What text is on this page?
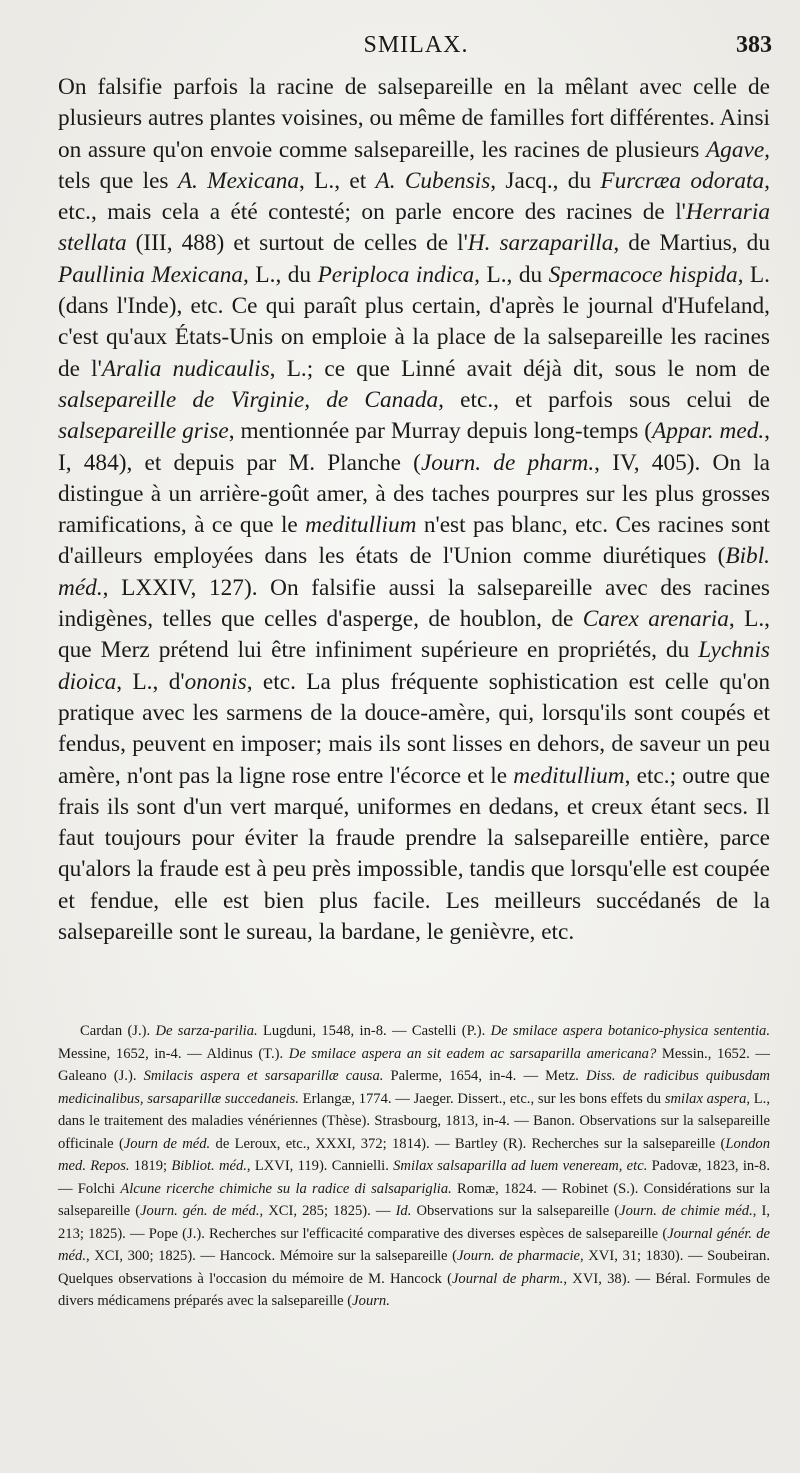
SMILAX.	383

On falsifie parfois la racine de salsepareille en la mêlant avec celle de plusieurs autres plantes voisines, ou même de familles fort différentes. Ainsi on assure qu'on envoie comme salsepareille, les racines de plusieurs Agave, tels que les A. Mexicana, L., et A. Cubensis, Jacq., du Furcræa odorata, etc., mais cela a été contesté; on parle encore des racines de l'Herraria stellata (III, 488) et surtout de celles de l'H. sarzaparilla, de Martius, du Paullinia Mexicana, L., du Periploca indica, L., du Spermacoce hispida, L. (dans l'Inde), etc. Ce qui paraît plus certain, d'après le journal d'Hufeland, c'est qu'aux États-Unis on emploie à la place de la salsepareille les racines de l'Aralia nudicaulis, L.; ce que Linné avait déjà dit, sous le nom de salsepareille de Virginie, de Canada, etc., et parfois sous celui de salsepareille grise, mentionnée par Murray depuis long-temps (Appar. med., I, 484), et depuis par M. Planche (Journ. de pharm., IV, 405). On la distingue à un arrière-goût amer, à des taches pourpres sur les plus grosses ramifications, à ce que le meditullium n'est pas blanc, etc. Ces racines sont d'ailleurs employées dans les états de l'Union comme diurétiques (Bibl. méd., LXXIV, 127). On falsifie aussi la salsepareille avec des racines indigènes, telles que celles d'asperge, de houblon, de Carex arenaria, L., que Merz prétend lui être infiniment supérieure en propriétés, du Lychnis dioica, L., d'ononis, etc. La plus fréquente sophistication est celle qu'on pratique avec les sarmens de la douce-amère, qui, lorsqu'ils sont coupés et fendus, peuvent en imposer; mais ils sont lisses en dehors, de saveur un peu amère, n'ont pas la ligne rose entre l'écorce et le meditullium, etc.; outre que frais ils sont d'un vert marqué, uniformes en dedans, et creux étant secs. Il faut toujours pour éviter la fraude prendre la salsepareille entière, parce qu'alors la fraude est à peu près impossible, tandis que lorsqu'elle est coupée et fendue, elle est bien plus facile. Les meilleurs succédanés de la salsepareille sont le sureau, la bardane, le genièvre, etc.

Cardan (J.). De sarza-parilia. Lugduni, 1548, in-8. — Castelli (P.). De smilace aspera botanico-physica sententia. Messine, 1652, in-4. — Aldinus (T.). De smilace aspera an sit eadem ac sarsaparilla americana? Messin., 1652. — Galeano (J.). Smilacis aspera et sarsaparillæ causa. Palerme, 1654, in-4. — Metz. Diss. de radicibus quibusdam medicinalibus, sarsaparillæ succedaneis. Erlangæ, 1774. — Jaeger. Dissert., etc., sur les bons effets du smilax aspera, L., dans le traitement des maladies vénériennes (Thèse). Strasbourg, 1813, in-4. — Banon. Observations sur la salsepareille officinale (Journ de méd. de Leroux, etc., XXXI, 372; 1814). — Bartley (R). Recherches sur la salsepareille (London med. Repos. 1819; Bibliot. méd., LXVI, 119). Cannielli. Smilax salsaparilla ad luem veneream, etc. Padovæ, 1823, in-8. — Folchi Alcune ricerche chimiche su la radice di salsaparigliа. Romæ, 1824. — Robinet (S.). Considérations sur la salsepareille (Journ. gén. de méd., XCI, 285; 1825). — Id. Observations sur la salsepareille (Journ. de chimie méd., I, 213; 1825). — Pope (J.). Recherches sur l'efficacité comparative des diverses espèces de salsepareille (Journal génér. de méd., XCI, 300; 1825). — Hancock. Mémoire sur la salsepareille (Journ. de pharmacie, XVI, 31; 1830). — Soubeiran. Quelques observations à l'occasion du mémoire de M. Hancock (Journal de pharm., XVI, 38). — Béral. Formules de divers médicamens préparés avec la salsepareille (Journ.
